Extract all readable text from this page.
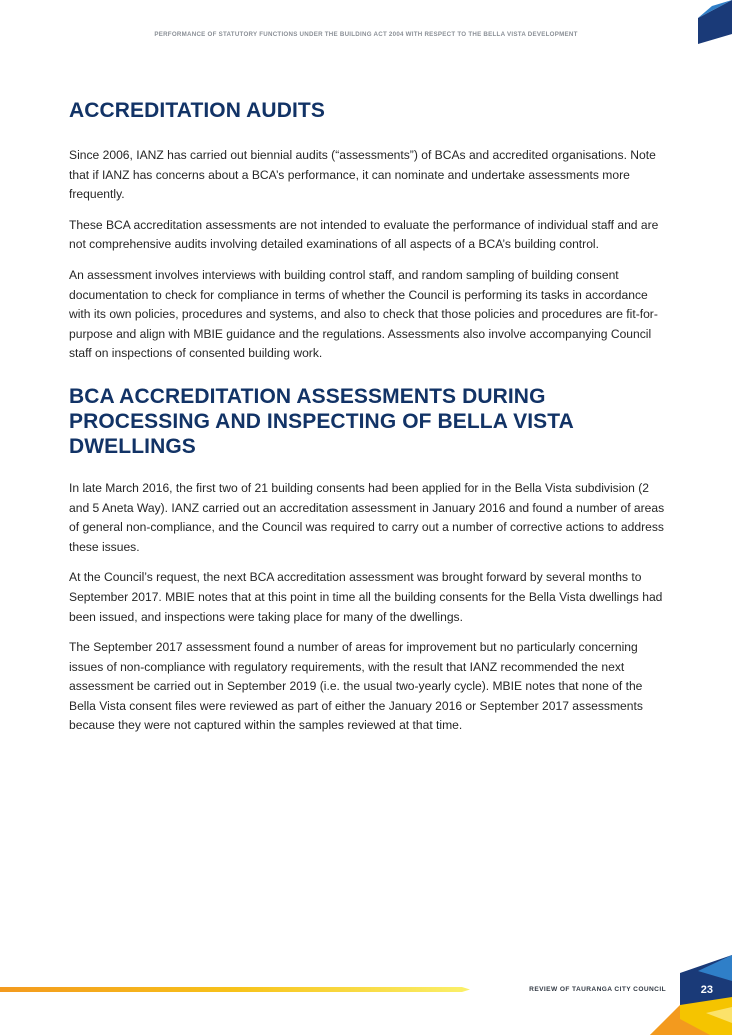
PERFORMANCE OF STATUTORY FUNCTIONS UNDER THE BUILDING ACT 2004 WITH RESPECT TO THE BELLA VISTA DEVELOPMENT
ACCREDITATION AUDITS

Since 2006, IANZ has carried out biennial audits (“assessments”) of BCAs and accredited organisations. Note that if IANZ has concerns about a BCA’s performance, it can nominate and undertake assessments more frequently.

These BCA accreditation assessments are not intended to evaluate the performance of individual staff and are not comprehensive audits involving detailed examinations of all aspects of a BCA’s building control.

An assessment involves interviews with building control staff, and random sampling of building consent documentation to check for compliance in terms of whether the Council is performing its tasks in accordance with its own policies, procedures and systems, and also to check that those policies and procedures are fit-for-purpose and align with MBIE guidance and the regulations. Assessments also involve accompanying Council staff on inspections of consented building work.

BCA ACCREDITATION ASSESSMENTS DURING PROCESSING AND INSPECTING OF BELLA VISTA DWELLINGS

In late March 2016, the first two of 21 building consents had been applied for in the Bella Vista subdivision (2 and 5 Aneta Way). IANZ carried out an accreditation assessment in January 2016 and found a number of areas of general non-compliance, and the Council was required to carry out a number of corrective actions to address these issues.

At the Council’s request, the next BCA accreditation assessment was brought forward by several months to September 2017. MBIE notes that at this point in time all the building consents for the Bella Vista dwellings had been issued, and inspections were taking place for many of the dwellings.

The September 2017 assessment found a number of areas for improvement but no particularly concerning issues of non-compliance with regulatory requirements, with the result that IANZ recommended the next assessment be carried out in September 2019 (i.e. the usual two-yearly cycle). MBIE notes that none of the Bella Vista consent files were reviewed as part of either the January 2016 or September 2017 assessments because they were not captured within the samples reviewed at that time.

REVIEW OF TAURANGA CITY COUNCIL	23
